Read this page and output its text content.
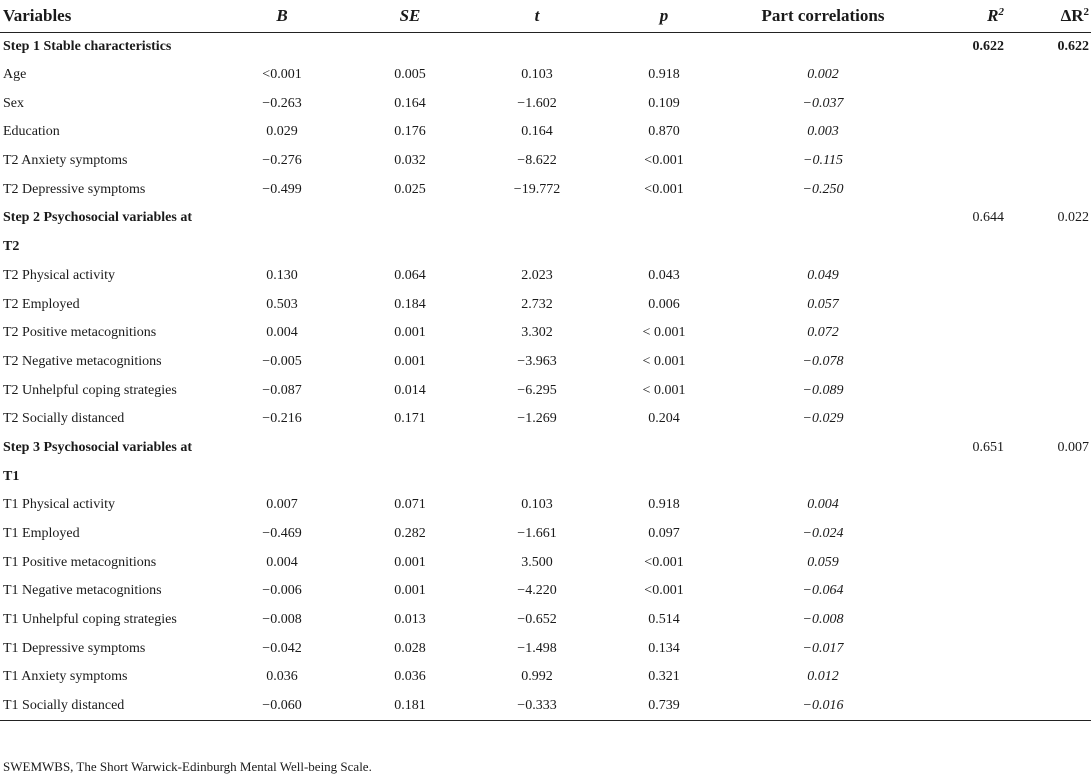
Variables	B	SE	t	p	Part correlations	$R^2$	$\Delta R^2$
Step 1 Stable characteristics						0.622	0.622
Age	<0.001	0.005	0.103	0.918	0.002		
Sex	−0.263	0.164	−1.602	0.109	−0.037		
Education	0.029	0.176	0.164	0.870	0.003		
T2 Anxiety symptoms	−0.276	0.032	−8.622	<0.001	−0.115		
T2 Depressive symptoms	−0.499	0.025	−19.772	<0.001	−0.250		
Step 2 Psychosocial variables at						0.644	0.022
T2							
T2 Physical activity	0.130	0.064	2.023	0.043	0.049		
T2 Employed	0.503	0.184	2.732	0.006	0.057		
T2 Positive metacognitions	0.004	0.001	3.302	< 0.001	0.072		
T2 Negative metacognitions	−0.005	0.001	−3.963	< 0.001	−0.078		
T2 Unhelpful coping strategies	−0.087	0.014	−6.295	< 0.001	−0.089		
T2 Socially distanced	−0.216	0.171	−1.269	0.204	−0.029		
Step 3 Psychosocial variables at						0.651	0.007
T1							
T1 Physical activity	0.007	0.071	0.103	0.918	0.004		
T1 Employed	−0.469	0.282	−1.661	0.097	−0.024		
T1 Positive metacognitions	0.004	0.001	3.500	<0.001	0.059		
T1 Negative metacognitions	−0.006	0.001	−4.220	<0.001	−0.064		
T1 Unhelpful coping strategies	−0.008	0.013	−0.652	0.514	−0.008		
T1 Depressive symptoms	−0.042	0.028	−1.498	0.134	−0.017		
T1 Anxiety symptoms	0.036	0.036	0.992	0.321	0.012		
T1 Socially distanced	−0.060	0.181	−0.333	0.739	−0.016		
SWEMWBS, The Short Warwick-Edinburgh Mental Well-being Scale.
